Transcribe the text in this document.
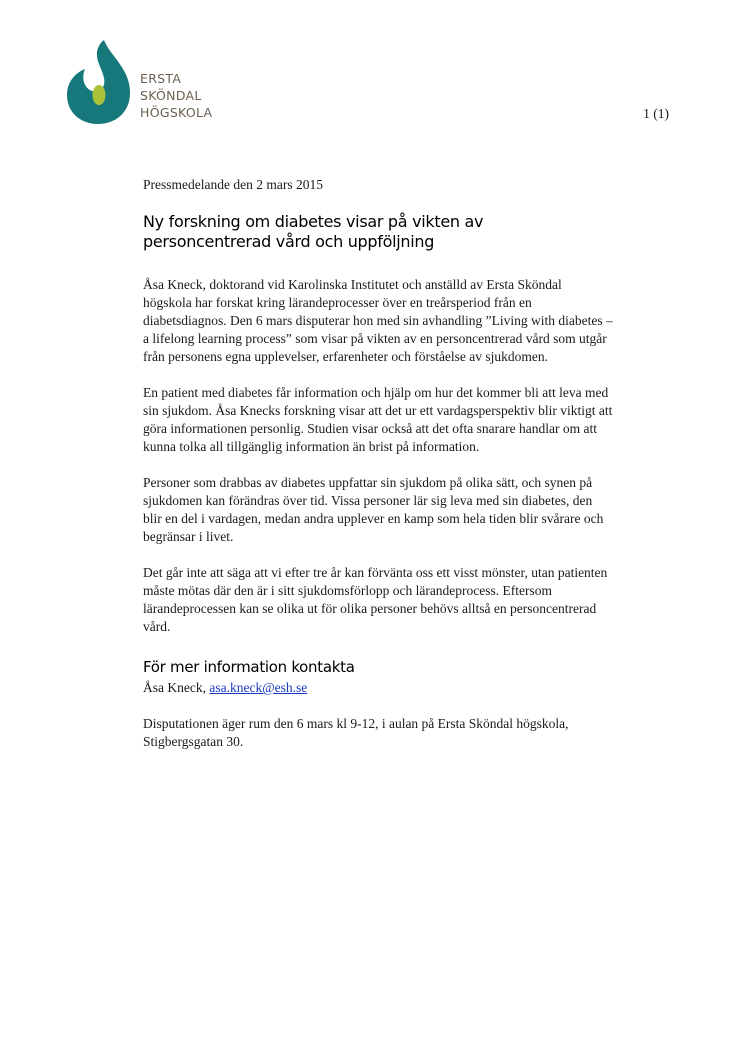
ERSTA
SKÖNDAL
HÖGSKOLA	1 (1)
Pressmedelande den 2 mars 2015
Ny forskning om diabetes visar på vikten av personcentrerad vård och uppföljning

Åsa Kneck, doktorand vid Karolinska Institutet och anställd av Ersta Sköndal högskola har forskat kring lärandeprocesser över en treårsperiod från en diabetsdiagnos. Den 6 mars disputerar hon med sin avhandling ”Living with diabetes – a lifelong learning process” som visar på vikten av en personcentrerad vård som utgår från personens egna upplevelser, erfarenheter och förståelse av sjukdomen.

En patient med diabetes får information och hjälp om hur det kommer bli att leva med sin sjukdom. Åsa Knecks forskning visar att det ur ett vardagsperspektiv blir viktigt att göra informationen personlig. Studien visar också att det ofta snarare handlar om att kunna tolka all tillgänglig information än brist på information.

Personer som drabbas av diabetes uppfattar sin sjukdom på olika sätt, och synen på sjukdomen kan förändras över tid. Vissa personer lär sig leva med sin diabetes, den blir en del i vardagen, medan andra upplever en kamp som hela tiden blir svårare och begränsar i livet.

Det går inte att säga att vi efter tre år kan förvänta oss ett visst mönster, utan patienten måste mötas där den är i sitt sjukdomsförlopp och lärandeprocess. Eftersom lärandeprocessen kan se olika ut för olika personer behövs alltså en personcentrerad vård.

För mer information kontakta
Åsa Kneck, asa.kneck@esh.se

Disputationen äger rum den 6 mars kl 9-12, i aulan på Ersta Sköndal högskola, Stigbergsgatan 30.
